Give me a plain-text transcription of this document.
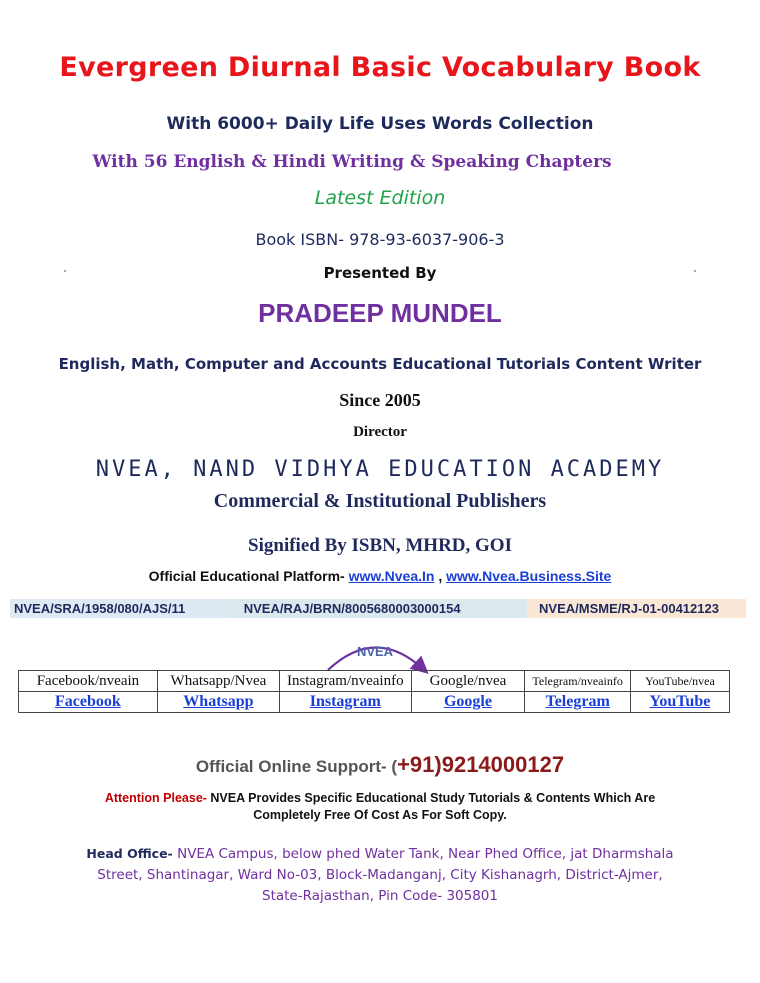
Evergreen Diurnal Basic Vocabulary Book
With 6000+ Daily Life Uses Words Collection
With 56 English & Hindi Writing & Speaking Chapters
Latest Edition
Book ISBN- 978-93-6037-906-3
Presented By
PRADEEP MUNDEL
English, Math, Computer and Accounts Educational Tutorials Content Writer
Since 2005
Director
NVEA, NAND VIDHYA EDUCATION ACADEMY
Commercial & Institutional Publishers
Signified By ISBN, MHRD, GOI
Official Educational Platform- www.Nvea.In , www.Nvea.Business.Site
NVEA/SRA/1958/080/AJS/11	NVEA/RAJ/BRN/8005680003000154	NVEA/MSME/RJ-01-00412123
NVEA
Facebook/nveain	Whatsapp/Nvea	Instagram/nveainfo	Google/nvea	Telegram/nveainfo	YouTube/nvea
Facebook	Whatsapp	Instagram	Google	Telegram	YouTube
Official Online Support- (+91)9214000127
Attention Please- NVEA Provides Specific Educational Study Tutorials & Contents Which Are
Completely Free Of Cost As For Soft Copy.
Head Office- NVEA Campus, below phed Water Tank, Near Phed Office, jat Dharmshala
Street, Shantinagar, Ward No-03, Block-Madanganj, City Kishanagrh, District-Ajmer,
State-Rajasthan, Pin Code- 305801
